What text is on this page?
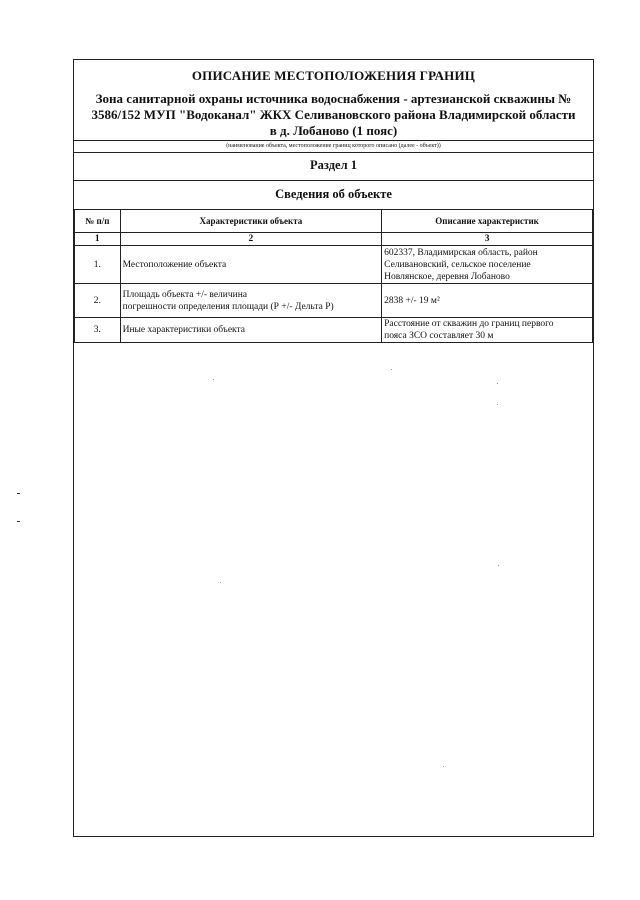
ОПИСАНИЕ МЕСТОПОЛОЖЕНИЯ ГРАНИЦ
Зона санитарной охраны источника водоснабжения - артезианской скважины №
3586/152 МУП "Водоканал" ЖКХ Селивановского района Владимирской области
в д. Лобаново (1 пояс)
(наименование объекта, местоположение границ которого описано (далее - объект))
Раздел 1
Сведения об объекте
№ п/п	Характеристики объекта	Описание характеристик
1	2	3
1.	Местоположение объекта	602337, Владимирская область, район
Селивановский, сельское поселение
Новлянское, деревня Лобаново

2.	Площадь объекта +/- величина
погрешности определения площади (Р +/- Дельта Р)	2838 +/- 19 м²

3.	Иные характеристики объекта	Расстояние от скважин до границ первого
пояса ЗСО составляет 30 м
